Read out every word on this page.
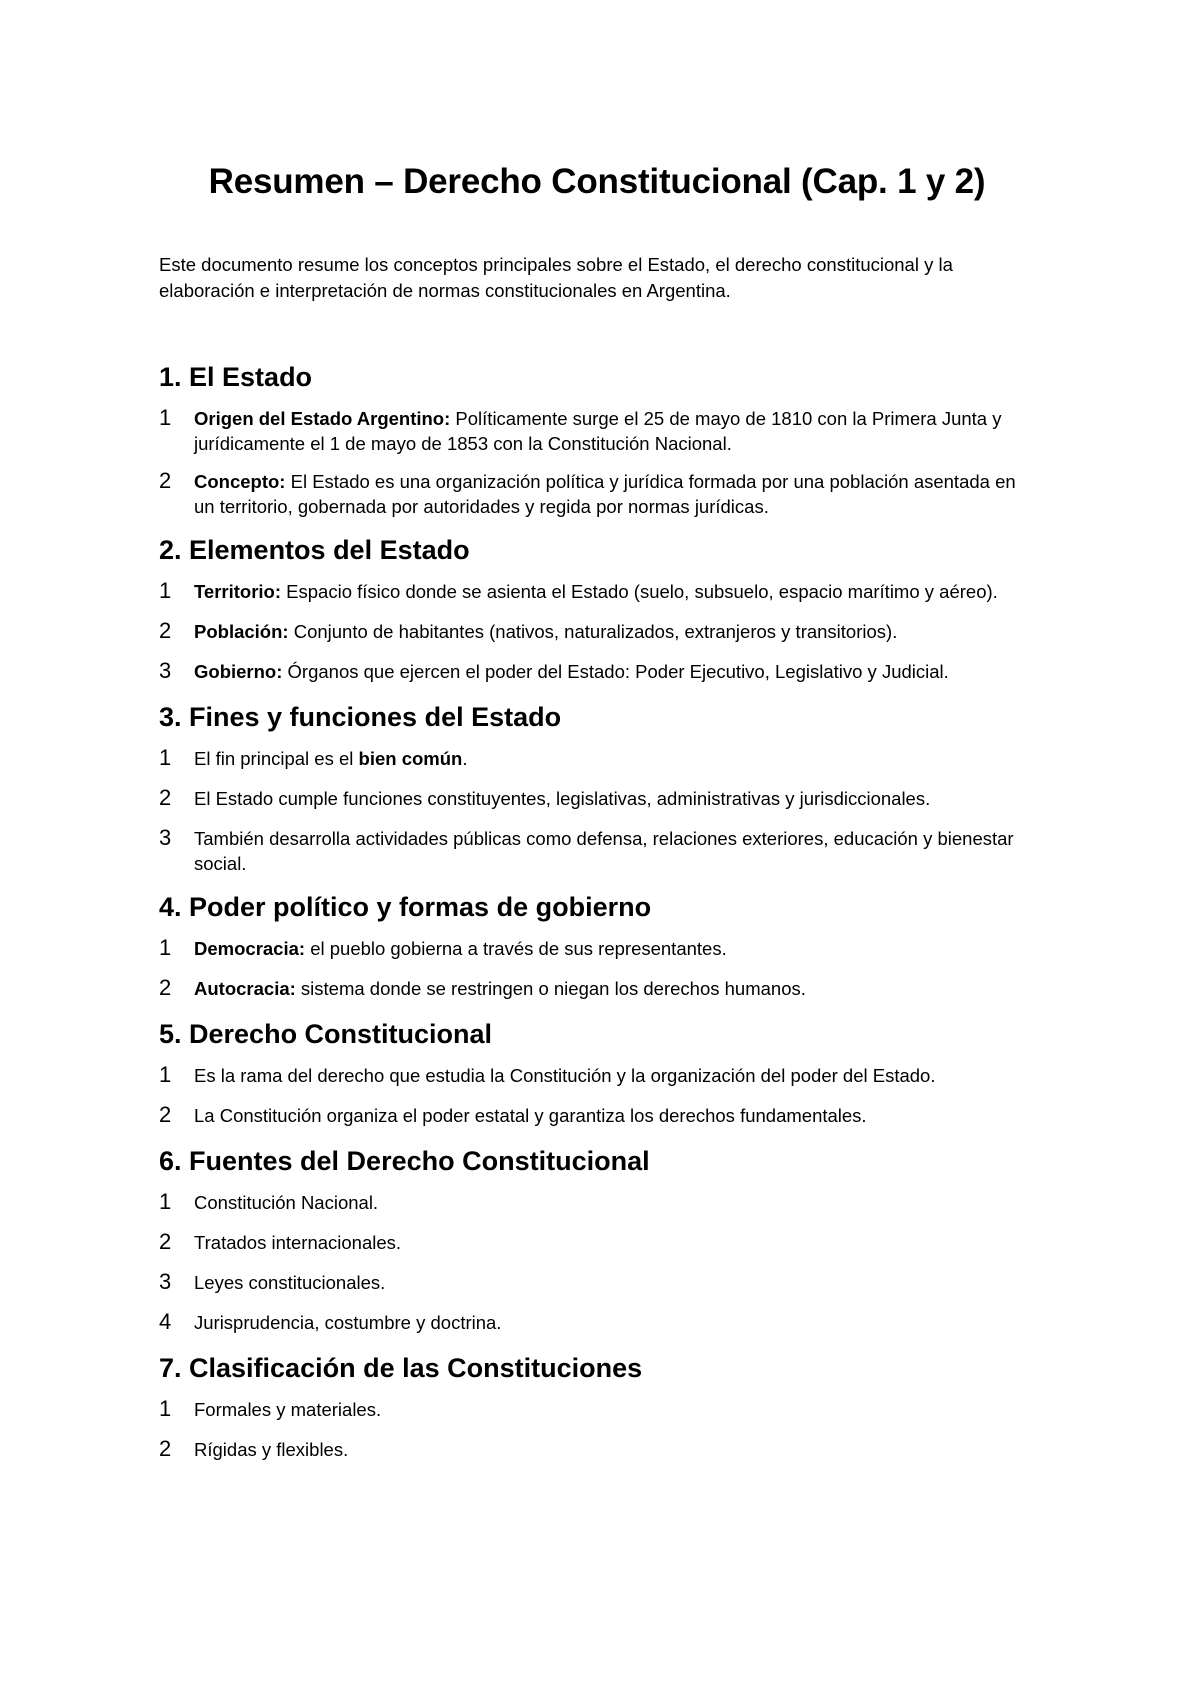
Resumen – Derecho Constitucional (Cap. 1 y 2)

Este documento resume los conceptos principales sobre el Estado, el derecho constitucional y la elaboración e interpretación de normas constitucionales en Argentina.

1. El Estado
1	Origen del Estado Argentino: Políticamente surge el 25 de mayo de 1810 con la Primera Junta y jurídicamente el 1 de mayo de 1853 con la Constitución Nacional.
2	Concepto: El Estado es una organización política y jurídica formada por una población asentada en un territorio, gobernada por autoridades y regida por normas jurídicas.
2. Elementos del Estado
1	Territorio: Espacio físico donde se asienta el Estado (suelo, subsuelo, espacio marítimo y aéreo).
2	Población: Conjunto de habitantes (nativos, naturalizados, extranjeros y transitorios).
3	Gobierno: Órganos que ejercen el poder del Estado: Poder Ejecutivo, Legislativo y Judicial.
3. Fines y funciones del Estado
1	El fin principal es el bien común.
2	El Estado cumple funciones constituyentes, legislativas, administrativas y jurisdiccionales.
3	También desarrolla actividades públicas como defensa, relaciones exteriores, educación y bienestar social.
4. Poder político y formas de gobierno
1	Democracia: el pueblo gobierna a través de sus representantes.
2	Autocracia: sistema donde se restringen o niegan los derechos humanos.
5. Derecho Constitucional
1	Es la rama del derecho que estudia la Constitución y la organización del poder del Estado.
2	La Constitución organiza el poder estatal y garantiza los derechos fundamentales.
6. Fuentes del Derecho Constitucional
1	Constitución Nacional.
2	Tratados internacionales.
3	Leyes constitucionales.
4	Jurisprudencia, costumbre y doctrina.
7. Clasificación de las Constituciones
1	Formales y materiales.
2	Rígidas y flexibles.
